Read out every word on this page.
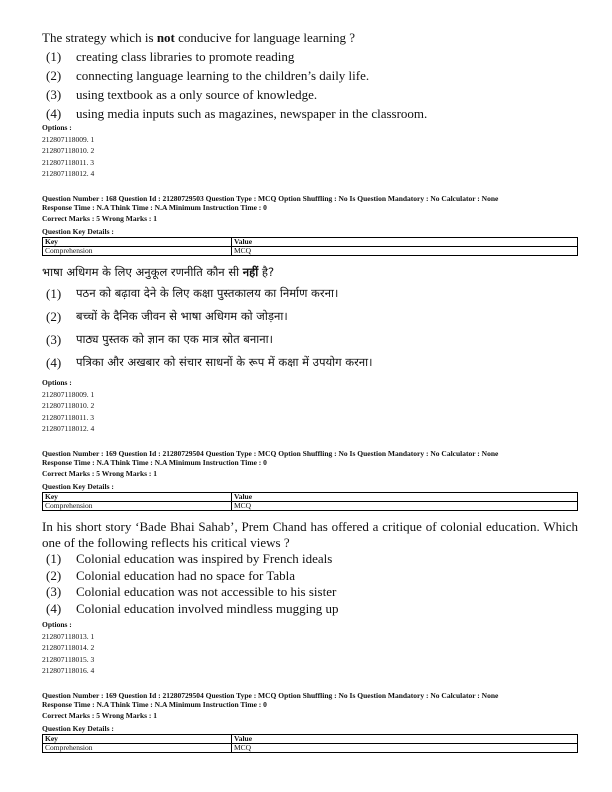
The strategy which is not conducive for language learning ?
(1)	creating class libraries to promote reading
(2)	connecting language learning to the children’s daily life.
(3)	using textbook as a only source of knowledge.
(4)	using media inputs such as magazines, newspaper in the classroom.
Options :
212807118009. 1
212807118010. 2
212807118011. 3
212807118012. 4
Question Number : 168 Question Id : 21280729503 Question Type : MCQ Option Shuffling : No Is Question Mandatory : No Calculator : None
Response Time : N.A Think Time : N.A Minimum Instruction Time : 0
Correct Marks : 5 Wrong Marks : 1
Question Key Details :
Key	Value
Comprehension	MCQ
भाषा अधिगम के लिए अनुकूल रणनीति कौन सी नहीं है?
(1)	पठन को बढ़ावा देने के लिए कक्षा पुस्तकालय का निर्माण करना।
(2)	बच्चों के दैनिक जीवन से भाषा अधिगम को जोड़ना।
(3)	पाठ्य पुस्तक को ज्ञान का एक मात्र स्रोत बनाना।
(4)	पत्रिका और अखबार को संचार साधनों के रूप में कक्षा में उपयोग करना।
Options :
212807118009. 1
212807118010. 2
212807118011. 3
212807118012. 4
Question Number : 169 Question Id : 21280729504 Question Type : MCQ Option Shuffling : No Is Question Mandatory : No Calculator : None
Response Time : N.A Think Time : N.A Minimum Instruction Time : 0
Correct Marks : 5 Wrong Marks : 1
Question Key Details :
Key	Value
Comprehension	MCQ
In his short story ‘Bade Bhai Sahab’, Prem Chand has offered a critique of colonial education. Which one of the following reflects his critical views ?
(1)	Colonial education was inspired by French ideals
(2)	Colonial education had no space for Tabla
(3)	Colonial education was not accessible to his sister
(4)	Colonial education involved mindless mugging up
Options :
212807118013. 1
212807118014. 2
212807118015. 3
212807118016. 4
Question Number : 169 Question Id : 21280729504 Question Type : MCQ Option Shuffling : No Is Question Mandatory : No Calculator : None
Response Time : N.A Think Time : N.A Minimum Instruction Time : 0
Correct Marks : 5 Wrong Marks : 1
Question Key Details :
Key	Value
Comprehension	MCQ
